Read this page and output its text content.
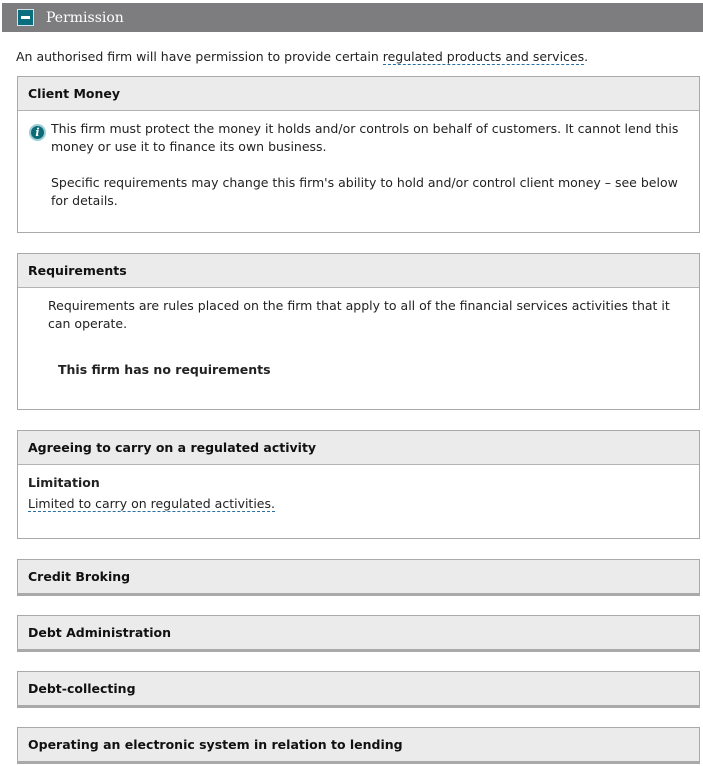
Permission
An authorised firm will have permission to provide certain regulated products and services.
Client Money
i This firm must protect the money it holds and/or controls on behalf of customers. It cannot lend this money or use it to finance its own business.

Specific requirements may change this firm's ability to hold and/or control client money – see below for details.

Requirements
Requirements are rules placed on the firm that apply to all of the financial services activities that it can operate.
This firm has no requirements
Agreeing to carry on a regulated activity
Limitation
Limited to carry on regulated activities.
Credit Broking
Debt Administration
Debt-collecting
Operating an electronic system in relation to lending
